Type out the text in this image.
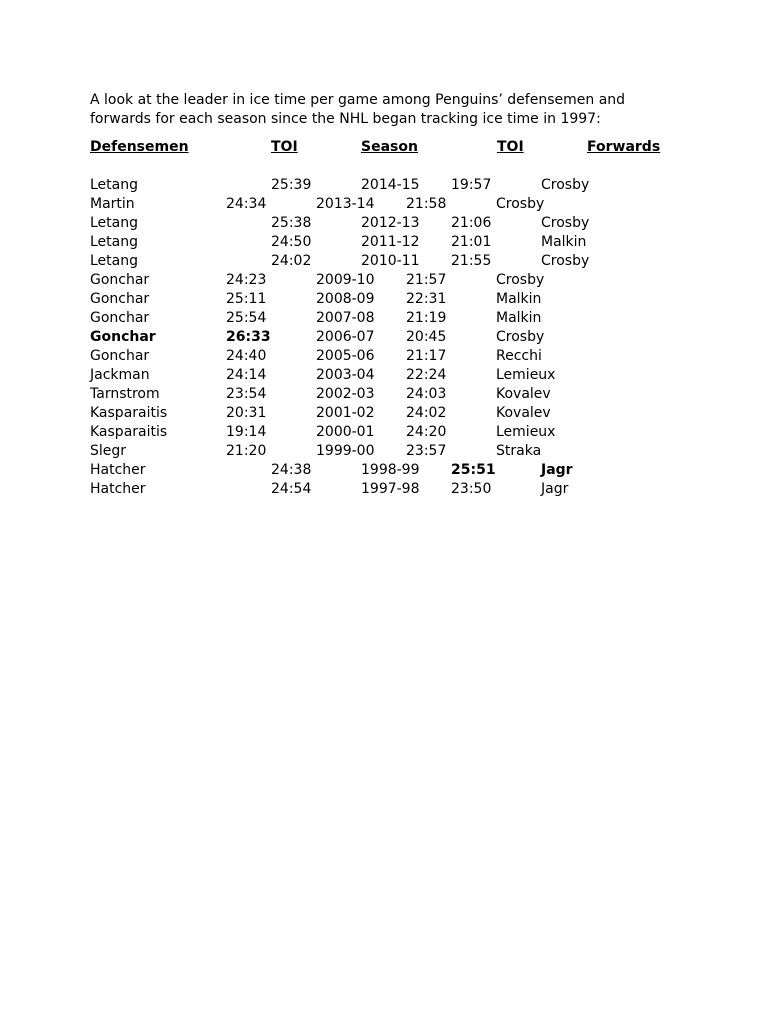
A look at the leader in ice time per game among Penguins’ defensemen and
forwards for each season since the NHL began tracking ice time in 1997:

Defensemen	TOI	Season	TOI	Forwards
Letang	25:39	2014-15 19:57	Crosby
Martin	24:34	2013-14 21:58	Crosby
Letang	25:38	2012-13 21:06	Crosby
Letang	24:50	2011-12 21:01	Malkin
Letang	24:02	2010-11 21:55	Crosby
Gonchar	24:23	2009-10 21:57	Crosby
Gonchar	25:11	2008-09 22:31	Malkin
Gonchar	25:54	2007-08 21:19	Malkin
Gonchar	26:33	2006-07 20:45	Crosby
Gonchar	24:40	2005-06 21:17	Recchi
Jackman	24:14	2003-04 22:24	Lemieux
Tarnstrom	23:54	2002-03 24:03	Kovalev
Kasparaitis	20:31	2001-02 24:02	Kovalev
Kasparaitis	19:14	2000-01 24:20	Lemieux
Slegr	21:20	1999-00 23:57	Straka
Hatcher	24:38	1998-99 25:51	Jagr
Hatcher	24:54	1997-98 23:50	Jagr
